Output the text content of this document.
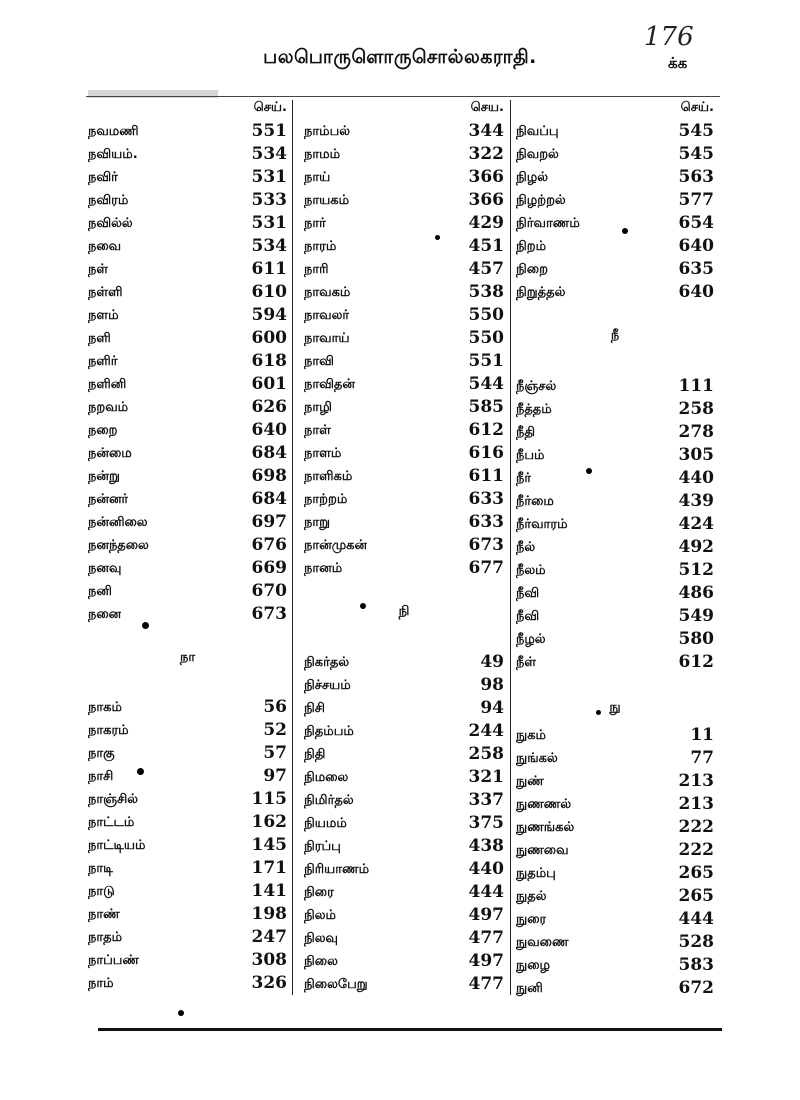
பலபொருளொருசொல்லகராதி.
176
க்க
செய்.
நவமணி	551
நவியம்.	534
நவிர்	531
நவிரம்	533
நவில்ல்	531
நவை	534
நள்	611
நள்ளி	610
நளம்	594
நளி	600
நளிர்	618
நளினி	601
நறவம்	626
நறை	640
நன்மை	684
நன்று	698
நன்னர்	684
நன்னிலை	697
நனந்தலை	676
நனவு	669
நனி	670
நனை	673
நா
நாகம்	56
நாகரம்	52
நாகு	57
நாசி	97
நாஞ்சில்	115
நாட்டம்	162
நாட்டியம்	145
நாடி	171
நாடு	141
நாண்	198
நாதம்	247
நாப்பண்	308
நாம்	326
செய.
நாம்பல்	344
நாமம்	322
நாய்	366
நாயகம்	366
நார்	429
நாரம்	451
நாரி	457
நாவகம்	538
நாவலர்	550
நாவாய்	550
நாவி	551
நாவிதன்	544
நாழி	585
நாள்	612
நாளம்	616
நாளிகம்	611
நாற்றம்	633
நாறு	633
நான்முகன்	673
நானம்	677
நி
நிகர்தல்	49
நிச்சயம்	98
நிசி	94
நிதம்பம்	244
நிதி	258
நிமலை	321
நிமிர்தல்	337
நியமம்	375
நிரப்பு	438
நிரியாணம்	440
நிரை	444
நிலம்	497
நிலவு	477
நிலை	497
நிலைபேறு	477
செய்.
நிவப்பு	545
நிவறல்	545
நிழல்	563
நிழற்றல்	577
நிர்வாணம்	654
நிறம்	640
நிறை	635
நிறுத்தல்	640
நீ
நீஞ்சல்	111
நீத்தம்	258
நீதி	278
நீபம்	305
நீர்	440
நீர்மை	439
நீர்வாரம்	424
நீல்	492
நீலம்	512
நீவி	486
நீவி	549
நீழல்	580
நீள்	612
நு
நுகம்	11
நுங்கல்	77
நுண்	213
நுணணல்	213
நுணங்கல்	222
நுணவை	222
நுதம்பு	265
நுதல்	265
நுரை	444
நுவணை	528
நுழை	583
நுனி	672
